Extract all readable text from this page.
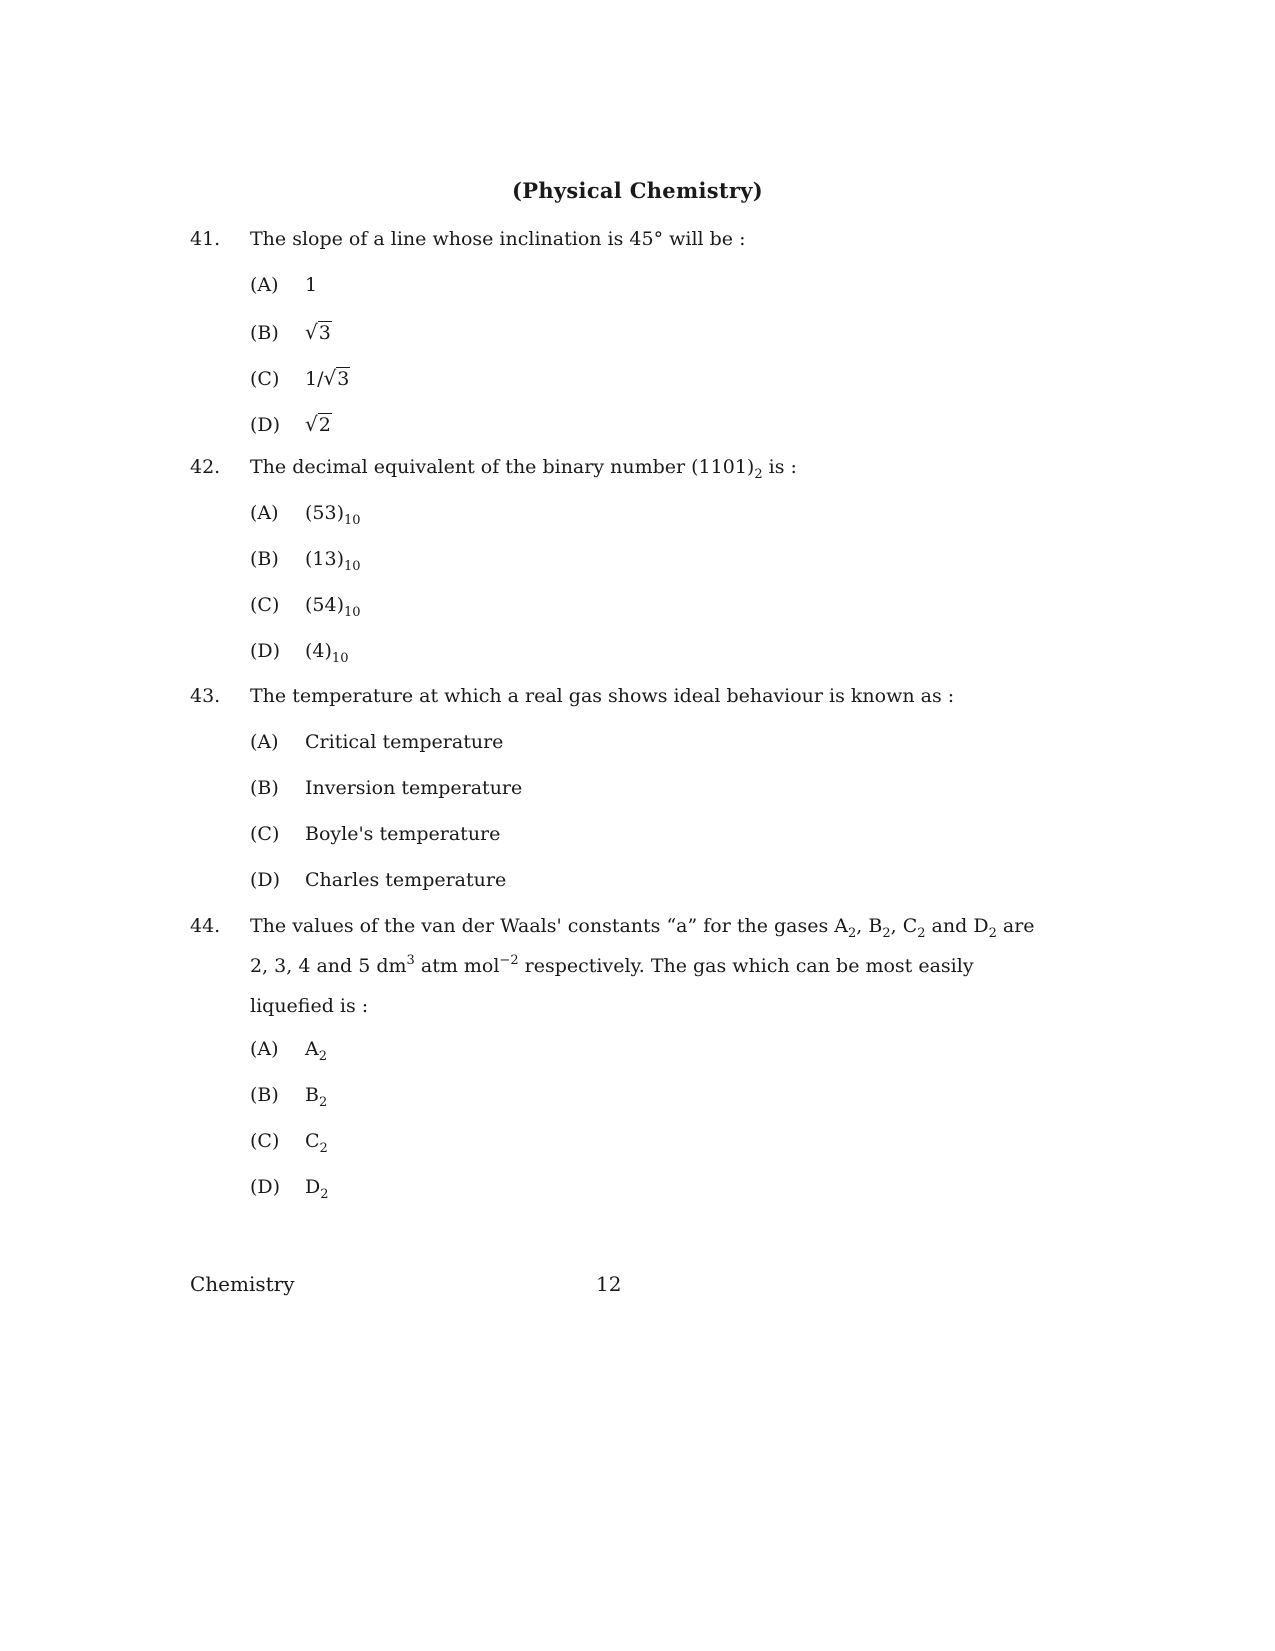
(Physical Chemistry)
41. The slope of a line whose inclination is 45° will be :
(A) 1
(B) √3
(C) 1/√3
(D) √2
42. The decimal equivalent of the binary number $(1101)_2$ is :
(A) $(53)_{10}$
(B) $(13)_{10}$
(C) $(54)_{10}$
(D) $(4)_{10}$
43. The temperature at which a real gas shows ideal behaviour is known as :
(A) Critical temperature
(B) Inversion temperature
(C) Boyle's temperature
(D) Charles temperature
44. The values of the van der Waals' constants “a” for the gases $A_2$, $B_2$, $C_2$ and $D_2$ are 2, 3, 4 and 5 $dm^3$ atm mol$^{-2}$ respectively. The gas which can be most easily liquefied is :
(A) $A_2$
(B) $B_2$
(C) $C_2$
(D) $D_2$
Chemistry	12
